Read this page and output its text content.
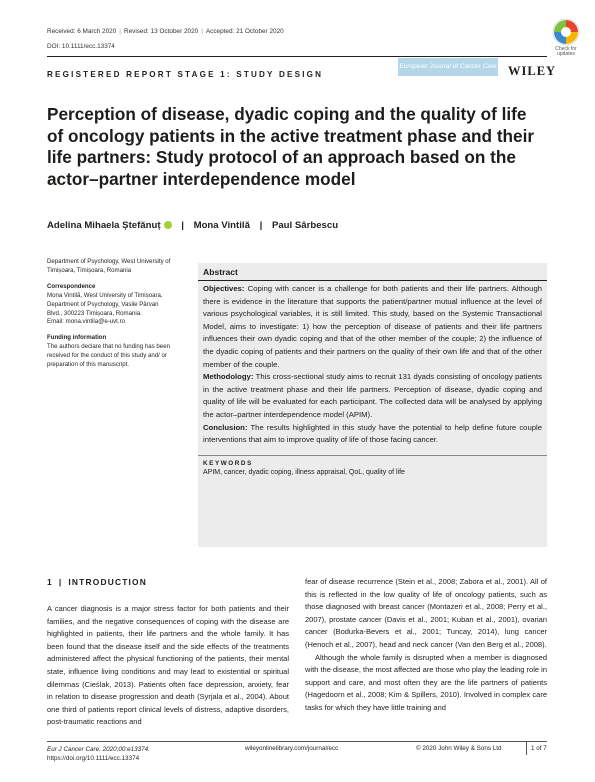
Received: 6 March 2020 | Revised: 13 October 2020 | Accepted: 21 October 2020
DOI: 10.1111/ecc.13374	Check for updates
REGISTERED REPORT STAGE 1: STUDY DESIGN
European Journal of Cancer Care WILEY
Perception of disease, dyadic coping and the quality of life of oncology patients in the active treatment phase and their life partners: Study protocol of an approach based on the actor–partner interdependence model
Adelina Mihaela Ștefănuț | Mona Vintilă | Paul Sârbescu
Department of Psychology, West University of Timișoara, Timișoara, Romania
Correspondence
Mona Vintilă, West University of Timișoara, Department of Psychology, Vasile Pârvan Blvd., 300223 Timișoara, Romania.
Email: mona.vintila@e-uvt.ro
Funding information
The authors declare that no funding has been received for the conduct of this study and/ or preparation of this manuscript.
Abstract

Objectives: Coping with cancer is a challenge for both patients and their life partners. Although there is evidence in the literature that supports the patient/partner mutual influence at the level of various psychological variables, it is still limited. This study, based on the Systemic Transactional Model, aims to investigate: 1) how the perception of disease of patients and their life partners influences their own dyadic coping and that of the other member of the couple; 2) the influence of the dyadic coping of patients and their partners on the quality of their own life and that of the other member of the couple.

Methodology: This cross-sectional study aims to recruit 131 dyads consisting of oncology patients in the active treatment phase and their life partners. Perception of disease, dyadic coping and quality of life will be evaluated for each participant. The collected data will be analysed by applying the actor–partner interdependence model (APIM).

Conclusion: The results highlighted in this study have the potential to help define future couple interventions that aim to improve quality of life of those facing cancer.

KEYWORDS
APIM, cancer, dyadic coping, illness appraisal, QoL, quality of life
1 | INTRODUCTION

A cancer diagnosis is a major stress factor for both patients and their families, and the negative consequences of coping with the disease are highlighted in patients, their life partners and the whole family. It has been found that the disease itself and the side effects of the treatments administered affect the physical functioning of the patients, their mental state, influence living conditions and may lead to existential or spiritual dilemmas (Cieślak, 2013). Patients often face depression, anxiety, fear in relation to disease progression and death (Syrjala et al., 2004). About one third of patients report clinical levels of distress, adaptive disorders, post-traumatic reactions and

fear of disease recurrence (Stein et al., 2008; Zabora et al., 2001). All of this is reflected in the low quality of life of oncology patients, such as those diagnosed with breast cancer (Montazeri et al., 2008; Perry et al., 2007), prostate cancer (Davis et al., 2001; Kuban et al., 2001), ovarian cancer (Bodurka-Bevers et al., 2001; Tuncay, 2014), lung cancer (Henoch et al., 2007), head and neck cancer (Van den Berg et al., 2008).

Although the whole family is disrupted when a member is diagnosed with the disease, the most affected are those who play the leading role in support and care, and most often they are the life partners of patients (Hagedoorn et al., 2008; Kim & Spillers, 2010). Involved in complex care tasks for which they have little training and

Eur J Cancer Care. 2020;00:e13374.
https://doi.org/10.1111/ecc.13374
wileyonlinelibrary.com/journal/ecc	© 2020 John Wiley & Sons Ltd	1 of 7
